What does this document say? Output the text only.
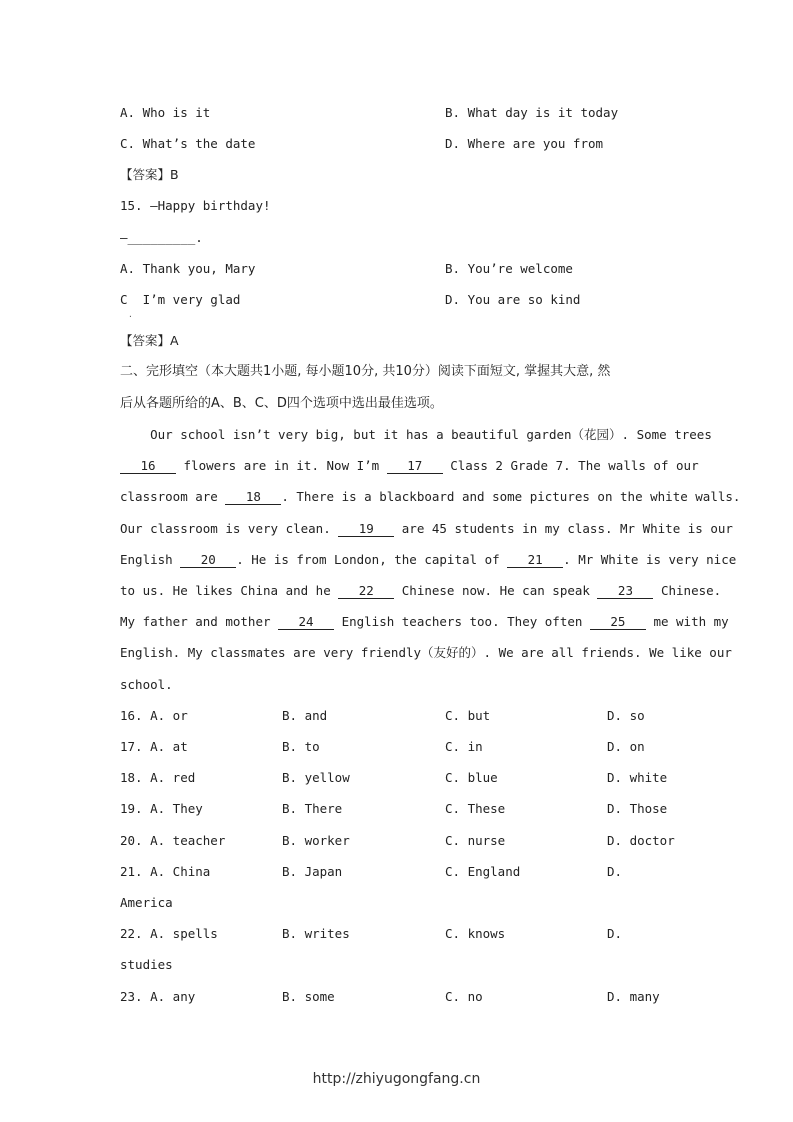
A. Who is it	B. What day is it today
C. What’s the date	D. Where are you from
【答案】B
15. —Happy birthday!
—_________.
A. Thank you, Mary	B. You’re welcome
C  I’m very glad	D. You are so kind
·
【答案】A
二、完形填空（本大题共1小题, 每小题10分, 共10分）阅读下面短文, 掌握其大意, 然
后从各题所给的A、B、C、D四个选项中选出最佳选项。
Our school isn’t very big, but it has a beautiful garden（花园）. Some trees
16 flowers are in it. Now I’m 17 Class 2 Grade 7. The walls of our
classroom are 18 . There is a blackboard and some pictures on the white walls.
Our classroom is very clean. 19 are 45 students in my class. Mr White is our
English 20 . He is from London, the capital of 21 . Mr White is very nice
to us. He likes China and he 22 Chinese now. He can speak 23 Chinese.
My father and mother 24 English teachers too. They often 25 me with my
English. My classmates are very friendly（友好的）. We are all friends. We like our
school.
16. A. or	B. and	C. but	D. so
17. A. at	B. to	C. in	D. on
18. A. red	B. yellow	C. blue	D. white
19. A. They	B. There	C. These	D. Those
20. A. teacher	B. worker	C. nurse	D. doctor
21. A. China	B. Japan	C. England	D.
America
22. A. spells	B. writes	C. knows	D.
studies
23. A. any	B. some	C. no	D. many
http://zhiyugongfang.cn
